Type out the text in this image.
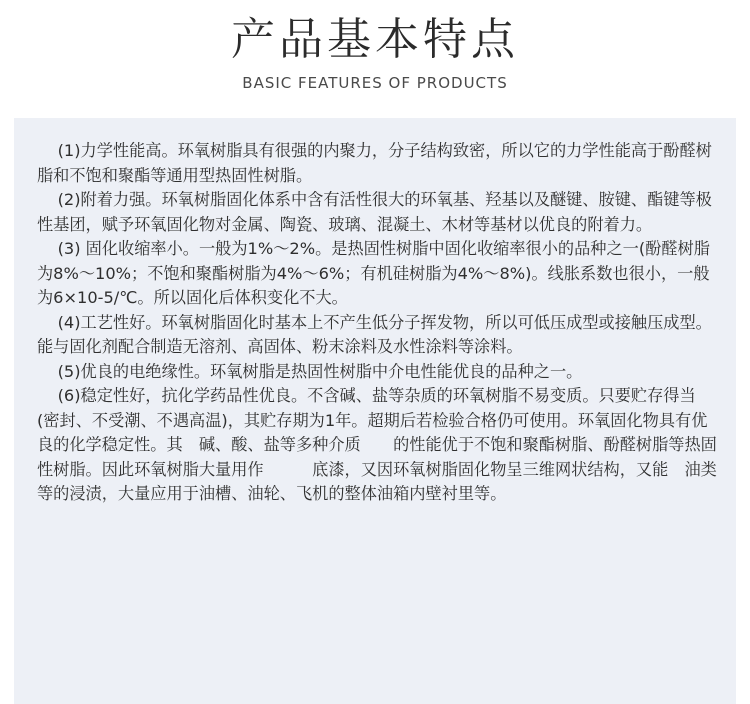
产品基本特点
BASIC FEATURES OF PRODUCTS

(1)力学性能高。环氧树脂具有很强的内聚力，分子结构致密，所以它的力学性能高于酚醛树脂和不饱和聚酯等通用型热固性树脂。

(2)附着力强。环氧树脂固化体系中含有活性很大的环氧基、羟基以及醚键、胺键、酯键等极性基团，赋予环氧固化物对金属、陶瓷、玻璃、混凝土、木材等基材以优良的附着力。

(3) 固化收缩率小。一般为1%～2%。是热固性树脂中固化收缩率很小的品种之一(酚醛树脂为8%～10%；不饱和聚酯树脂为4%～6%；有机硅树脂为4%～8%)。线胀系数也很小，一般为6×10-5/℃。所以固化后体积变化不大。

(4)工艺性好。环氧树脂固化时基本上不产生低分子挥发物，所以可低压成型或接触压成型。能与固化剂配合制造无溶剂、高固体、粉末涂料及水性涂料等涂料。

(5)优良的电绝缘性。环氧树脂是热固性树脂中介电性能优良的品种之一。

(6)稳定性好，抗化学药品性优良。不含碱、盐等杂质的环氧树脂不易变质。只要贮存得当(密封、不受潮、不遇高温)，其贮存期为1年。超期后若检验合格仍可使用。环氧固化物具有优良的化学稳定性。其　碱、酸、盐等多种介质　　的性能优于不饱和聚酯树脂、酚醛树脂等热固性树脂。因此环氧树脂大量用作　　　底漆，又因环氧树脂固化物呈三维网状结构，又能　油类等的浸渍，大量应用于油槽、油轮、飞机的整体油箱内壁衬里等。
